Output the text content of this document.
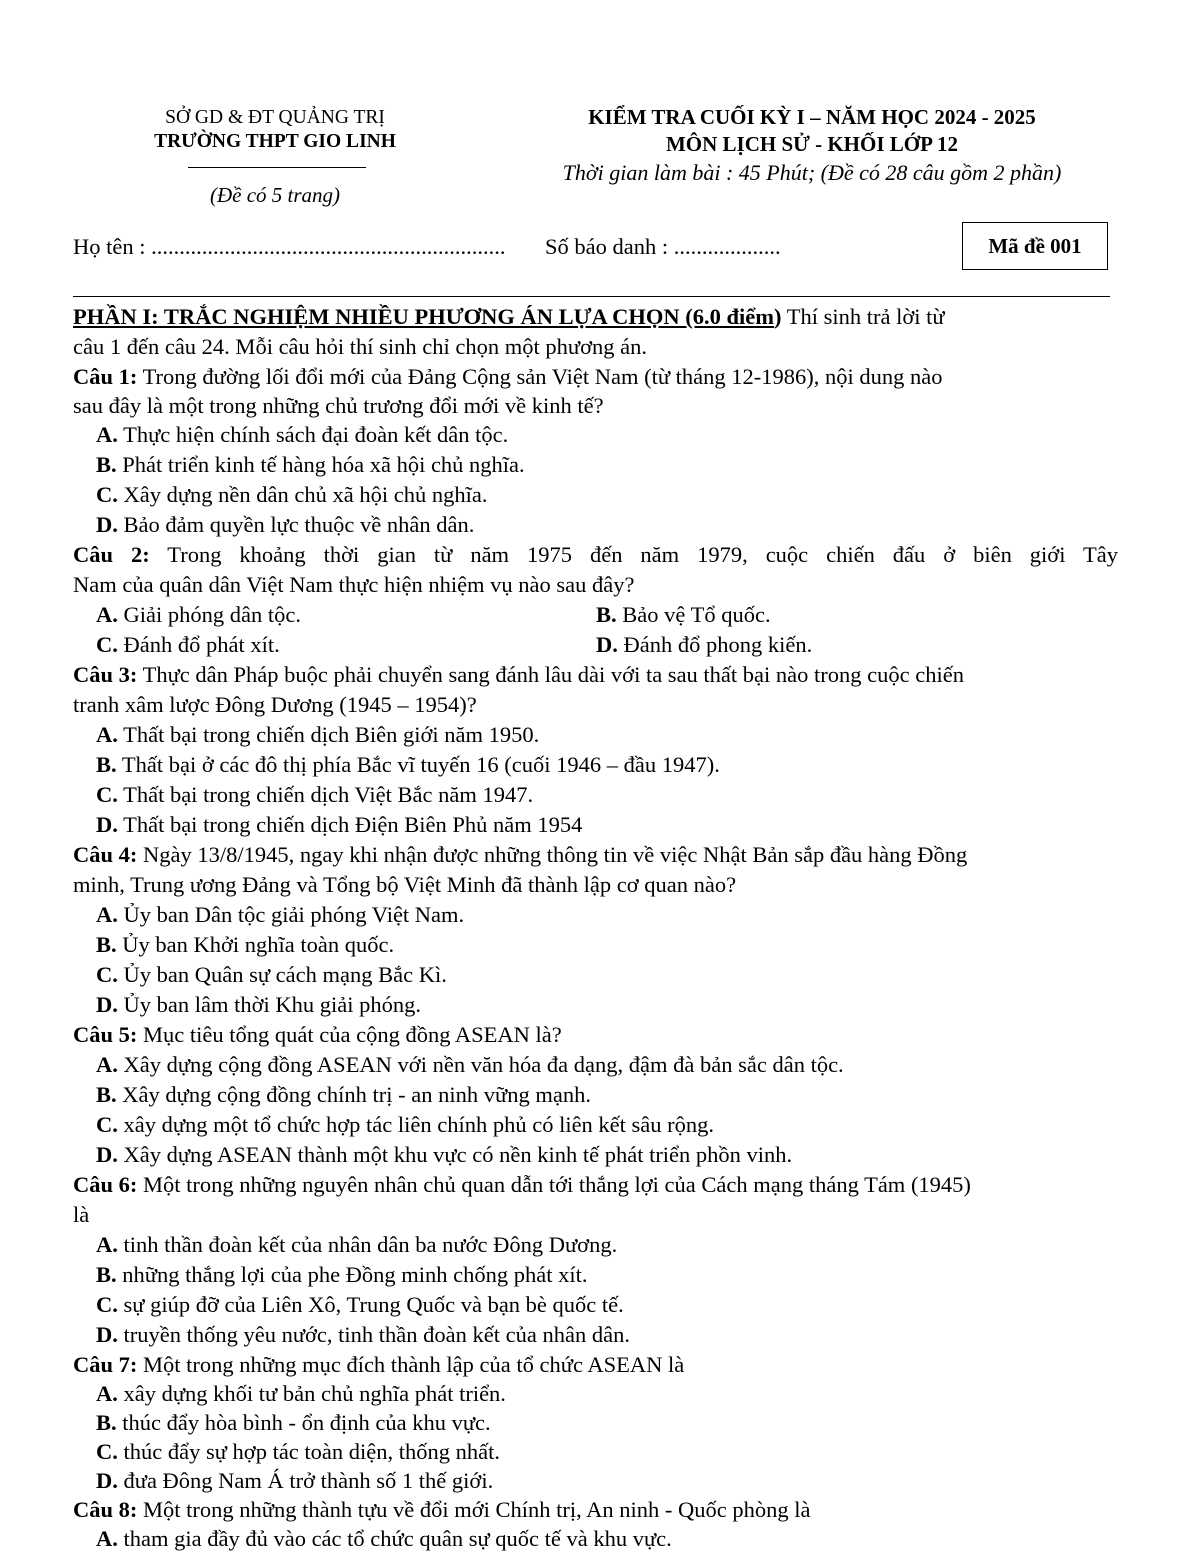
SỞ GD & ĐT QUẢNG TRỊ
TRƯỜNG THPT GIO LINH
(Đề có 5 trang)
KIỂM TRA CUỐI KỲ I – NĂM HỌC 2024 - 2025
MÔN LỊCH SỬ - KHỐI LỚP 12
Thời gian làm bài : 45 Phút; (Đề có 28 câu gồm 2 phần)
Họ tên : ............................................................... Số báo danh : ...................	Mã đề 001
PHẦN I: TRẮC NGHIỆM NHIỀU PHƯƠNG ÁN LỰA CHỌN (6.0 điểm) Thí sinh trả lời từ
câu 1 đến câu 24. Mỗi câu hỏi thí sinh chỉ chọn một phương án.
Câu 1: Trong đường lối đổi mới của Đảng Cộng sản Việt Nam (từ tháng 12-1986), nội dung nào
sau đây là một trong những chủ trương đổi mới về kinh tế?
A. Thực hiện chính sách đại đoàn kết dân tộc.
B. Phát triển kinh tế hàng hóa xã hội chủ nghĩa.
C. Xây dựng nền dân chủ xã hội chủ nghĩa.
D. Bảo đảm quyền lực thuộc về nhân dân.
Câu 2: Trong khoảng thời gian từ năm 1975 đến năm 1979, cuộc chiến đấu ở biên giới Tây
Nam của quân dân Việt Nam thực hiện nhiệm vụ nào sau đây?
A. Giải phóng dân tộc.	B. Bảo vệ Tổ quốc.
C. Đánh đổ phát xít.	D. Đánh đổ phong kiến.
Câu 3: Thực dân Pháp buộc phải chuyển sang đánh lâu dài với ta sau thất bại nào trong cuộc chiến
tranh xâm lược Đông Dương (1945 – 1954)?
A. Thất bại trong chiến dịch Biên giới năm 1950.
B. Thất bại ở các đô thị phía Bắc vĩ tuyến 16 (cuối 1946 – đầu 1947).
C. Thất bại trong chiến dịch Việt Bắc năm 1947.
D. Thất bại trong chiến dịch Điện Biên Phủ năm 1954
Câu 4: Ngày 13/8/1945, ngay khi nhận được những thông tin về việc Nhật Bản sắp đầu hàng Đồng
minh, Trung ương Đảng và Tổng bộ Việt Minh đã thành lập cơ quan nào?
A. Ủy ban Dân tộc giải phóng Việt Nam.
B. Ủy ban Khởi nghĩa toàn quốc.
C. Ủy ban Quân sự cách mạng Bắc Kì.
D. Ủy ban lâm thời Khu giải phóng.
Câu 5: Mục tiêu tổng quát của cộng đồng ASEAN là?
A. Xây dựng cộng đồng ASEAN với nền văn hóa đa dạng, đậm đà bản sắc dân tộc.
B. Xây dựng cộng đồng chính trị - an ninh vững mạnh.
C. xây dựng một tổ chức hợp tác liên chính phủ có liên kết sâu rộng.
D. Xây dựng ASEAN thành một khu vực có nền kinh tế phát triển phồn vinh.
Câu 6: Một trong những nguyên nhân chủ quan dẫn tới thắng lợi của Cách mạng tháng Tám (1945)
là
A. tinh thần đoàn kết của nhân dân ba nước Đông Dương.
B. những thắng lợi của phe Đồng minh chống phát xít.
C. sự giúp đỡ của Liên Xô, Trung Quốc và bạn bè quốc tế.
D. truyền thống yêu nước, tinh thần đoàn kết của nhân dân.
Câu 7: Một trong những mục đích thành lập của tổ chức ASEAN là
A. xây dựng khối tư bản chủ nghĩa phát triển.
B. thúc đẩy hòa bình - ổn định của khu vực.
C. thúc đẩy sự hợp tác toàn diện, thống nhất.
D. đưa Đông Nam Á trở thành số 1 thế giới.
Câu 8: Một trong những thành tựu về đổi mới Chính trị, An ninh - Quốc phòng là
A. tham gia đầy đủ vào các tổ chức quân sự quốc tế và khu vực.
